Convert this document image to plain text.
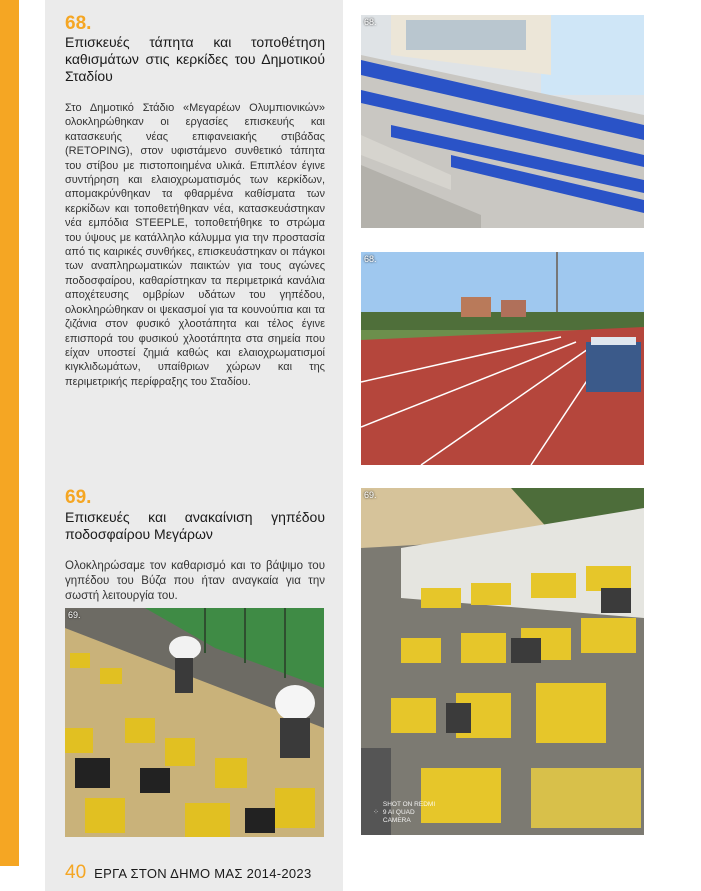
68.
Επισκευές τάπητα και τοποθέτηση καθισμάτων στις κερκίδες του Δημοτικού Σταδίου
Στο Δημοτικό Στάδιο «Μεγαρέων Ολυμπιονικών» ολοκληρώθηκαν οι εργασίες επισκευής και κατασκευής νέας επιφανειακής στιβάδας (RETOPING), στον υφιστάμενο συνθετικό τάπητα του στίβου με πιστοποιημένα υλικά. Επιπλέον έγινε συντήρηση και ελαιοχρωματισμός των κερκίδων, απομακρύνθηκαν τα φθαρμένα καθίσματα των κερκίδων και τοποθετήθηκαν νέα, κατασκευάστηκαν νέα εμπόδια STEEPLE, τοποθετήθηκε το στρώμα του ύψους με κατάλληλο κάλυμμα για την προστασία από τις καιρικές συνθήκες, επισκευάστηκαν οι πάγκοι των αναπληρωματικών παικτών για τους αγώνες ποδοσφαίρου, καθαρίστηκαν τα περιμετρικά κανάλια αποχέτευσης ομβρίων υδάτων του γηπέδου, ολοκληρώθηκαν οι ψεκασμοί για τα κουνούπια και τα ζιζάνια στον φυσικό χλοοτάπητα και τέλος έγινε επισπορά του φυσικού χλοοτάπητα στα σημεία που είχαν υποστεί ζημιά καθώς και ελαιοχρωματισμοί κιγκλιδωμάτων, υπαίθριων χώρων και της περιμετρικής περίφραξης του Σταδίου.
69.
Επισκευές και ανακαίνιση γηπέδου ποδοσφαίρου Μεγάρων
Ολοκληρώσαμε τον καθαρισμό και το βάψιμο του γηπέδου του Βύζα που ήταν αναγκαία για την σωστή λειτουργία του.
68.
68.
69.
⁘SHOT ON REDMI 9 AI QUAD CAMERA
69.
40 ΕΡΓΑ ΣΤΟΝ ΔΗΜΟ ΜΑΣ 2014-2023
